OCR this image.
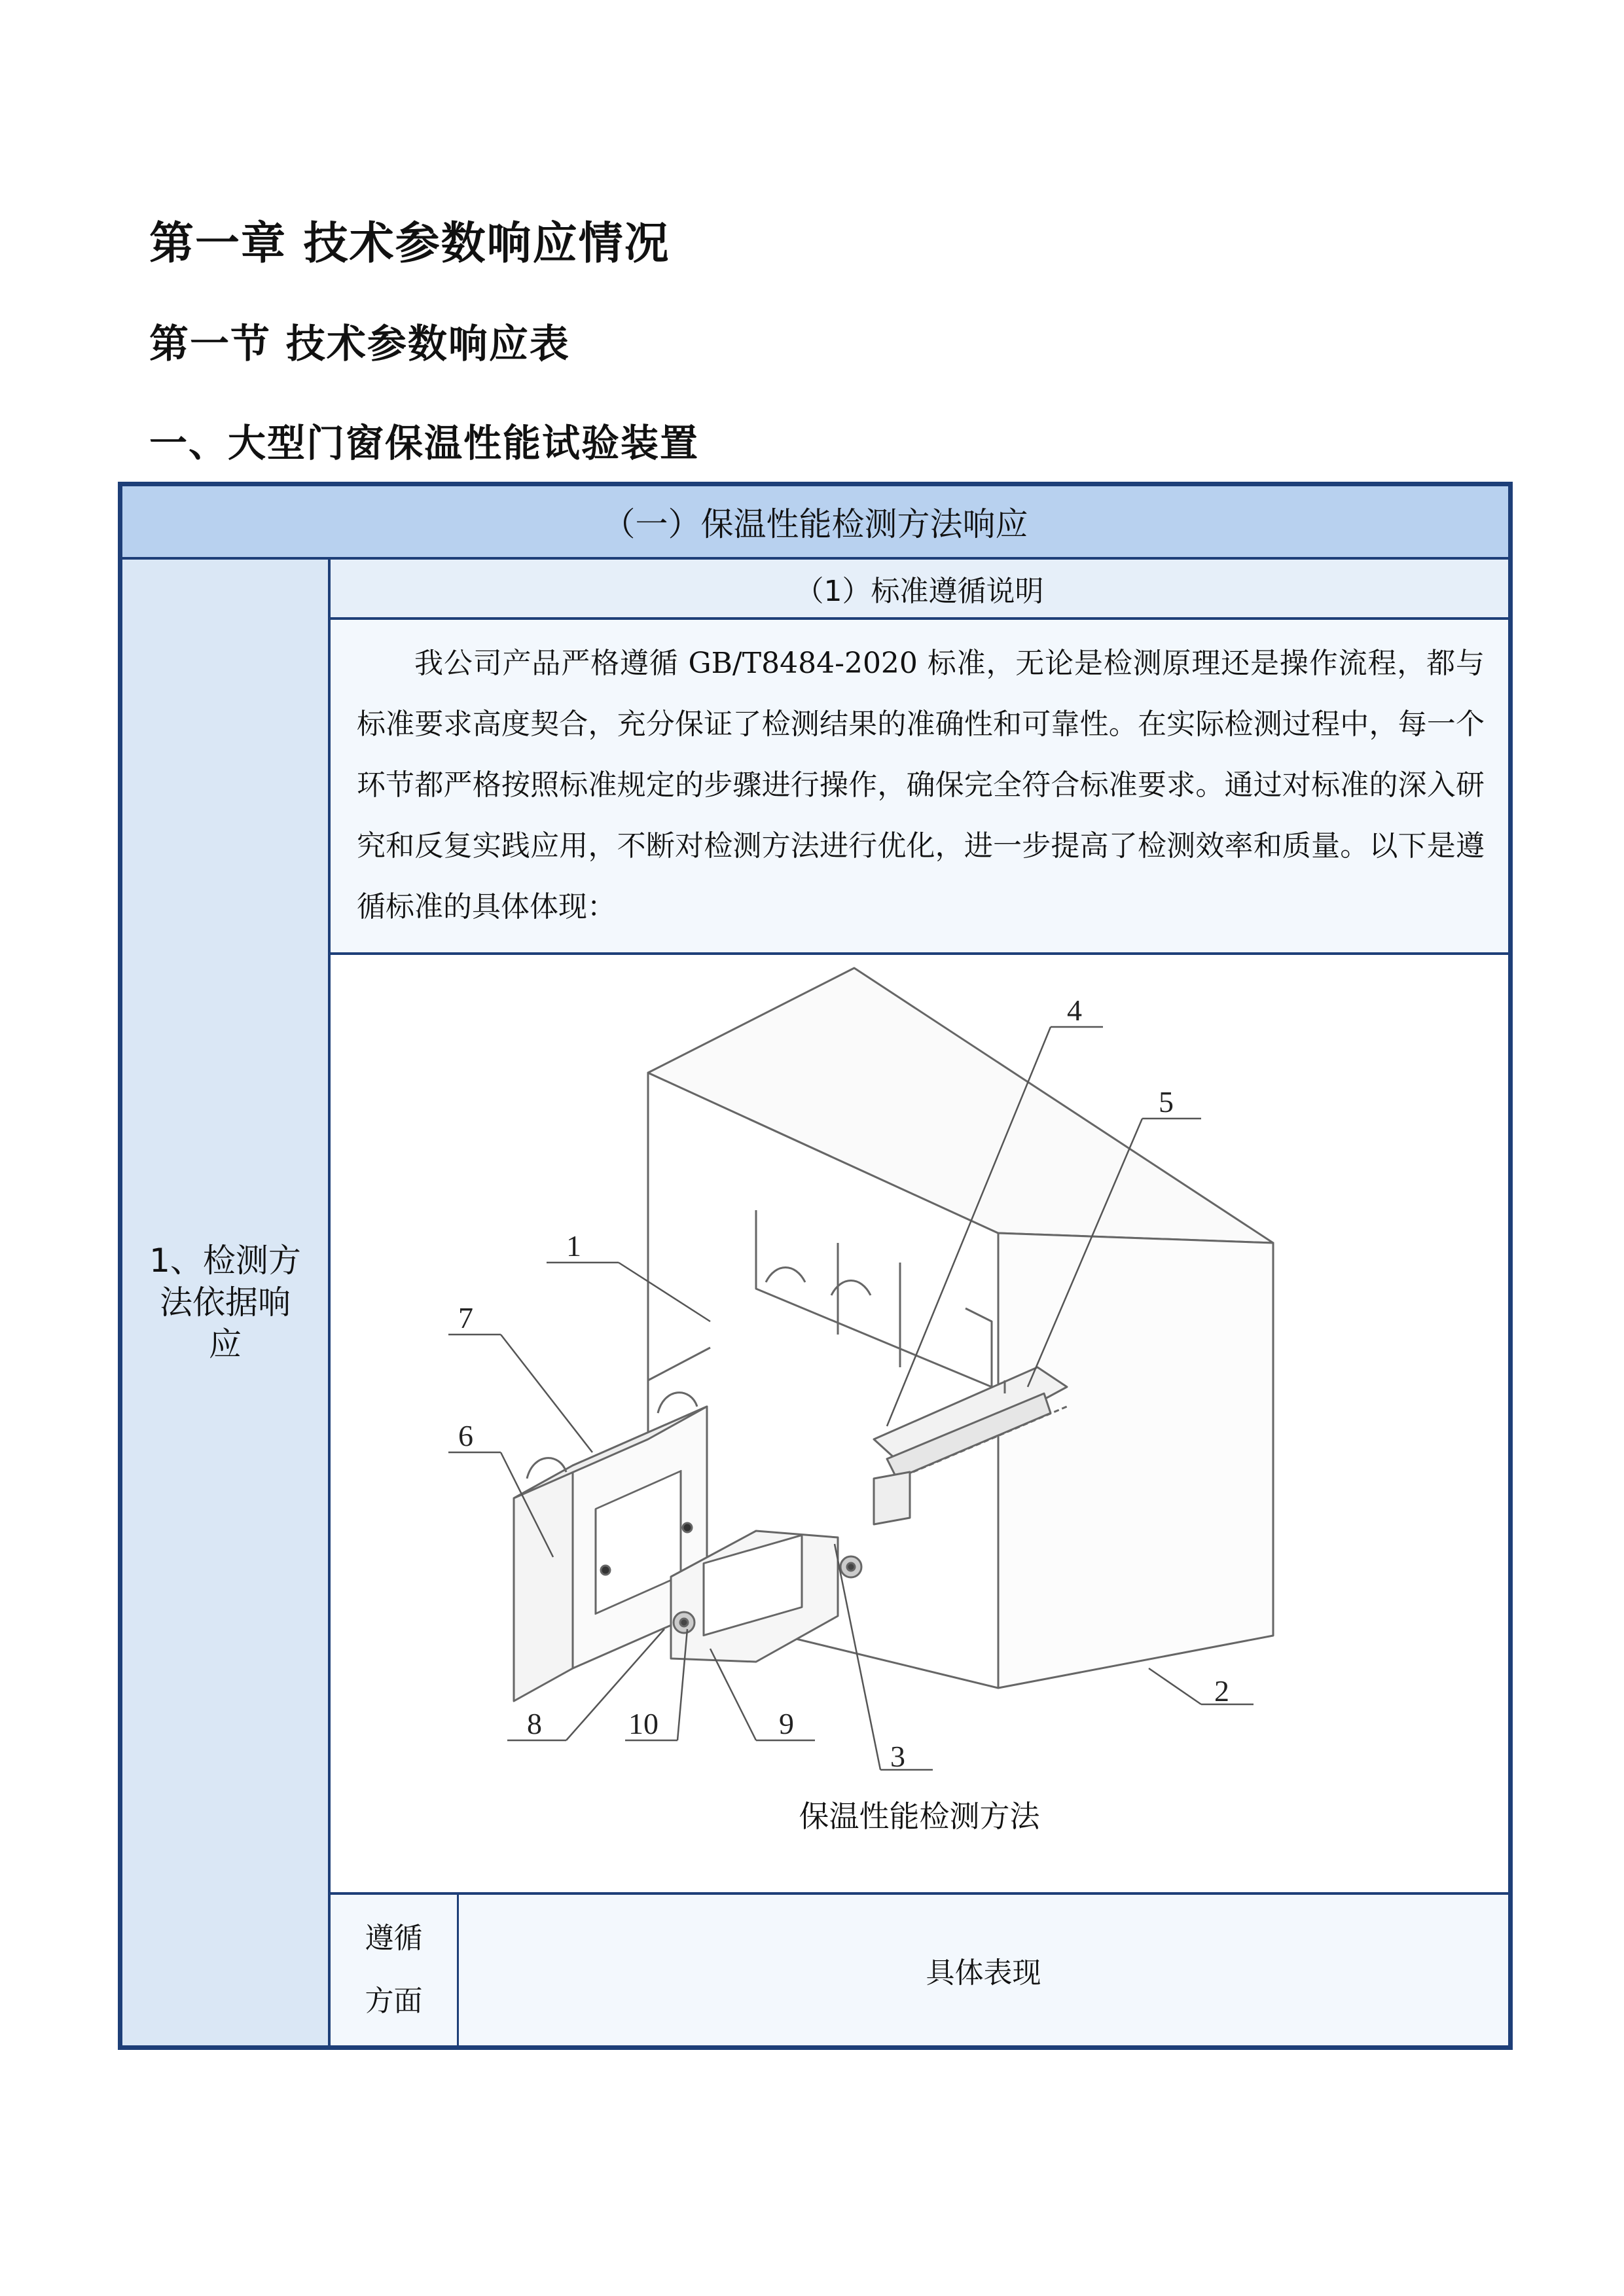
第一章 技术参数响应情况
第一节 技术参数响应表
一、大型门窗保温性能试验装置
（一）保温性能检测方法响应
1、检测方法依据响应
（1）标准遵循说明

我公司产品严格遵循 GB/T8484-2020 标准，无论是检测原理还是操作流程，都与标准要求高度契合，充分保证了检测结果的准确性和可靠性。在实际检测过程中，每一个环节都严格按照标准规定的步骤进行操作，确保完全符合标准要求。通过对标准的深入研究和反复实践应用，不断对检测方法进行优化，进一步提高了检测效率和质量。以下是遵循标准的具体体现：

1
2
3
4
5
7
6
8	10	9
保温性能检测方法
遵循方面
具体表现
